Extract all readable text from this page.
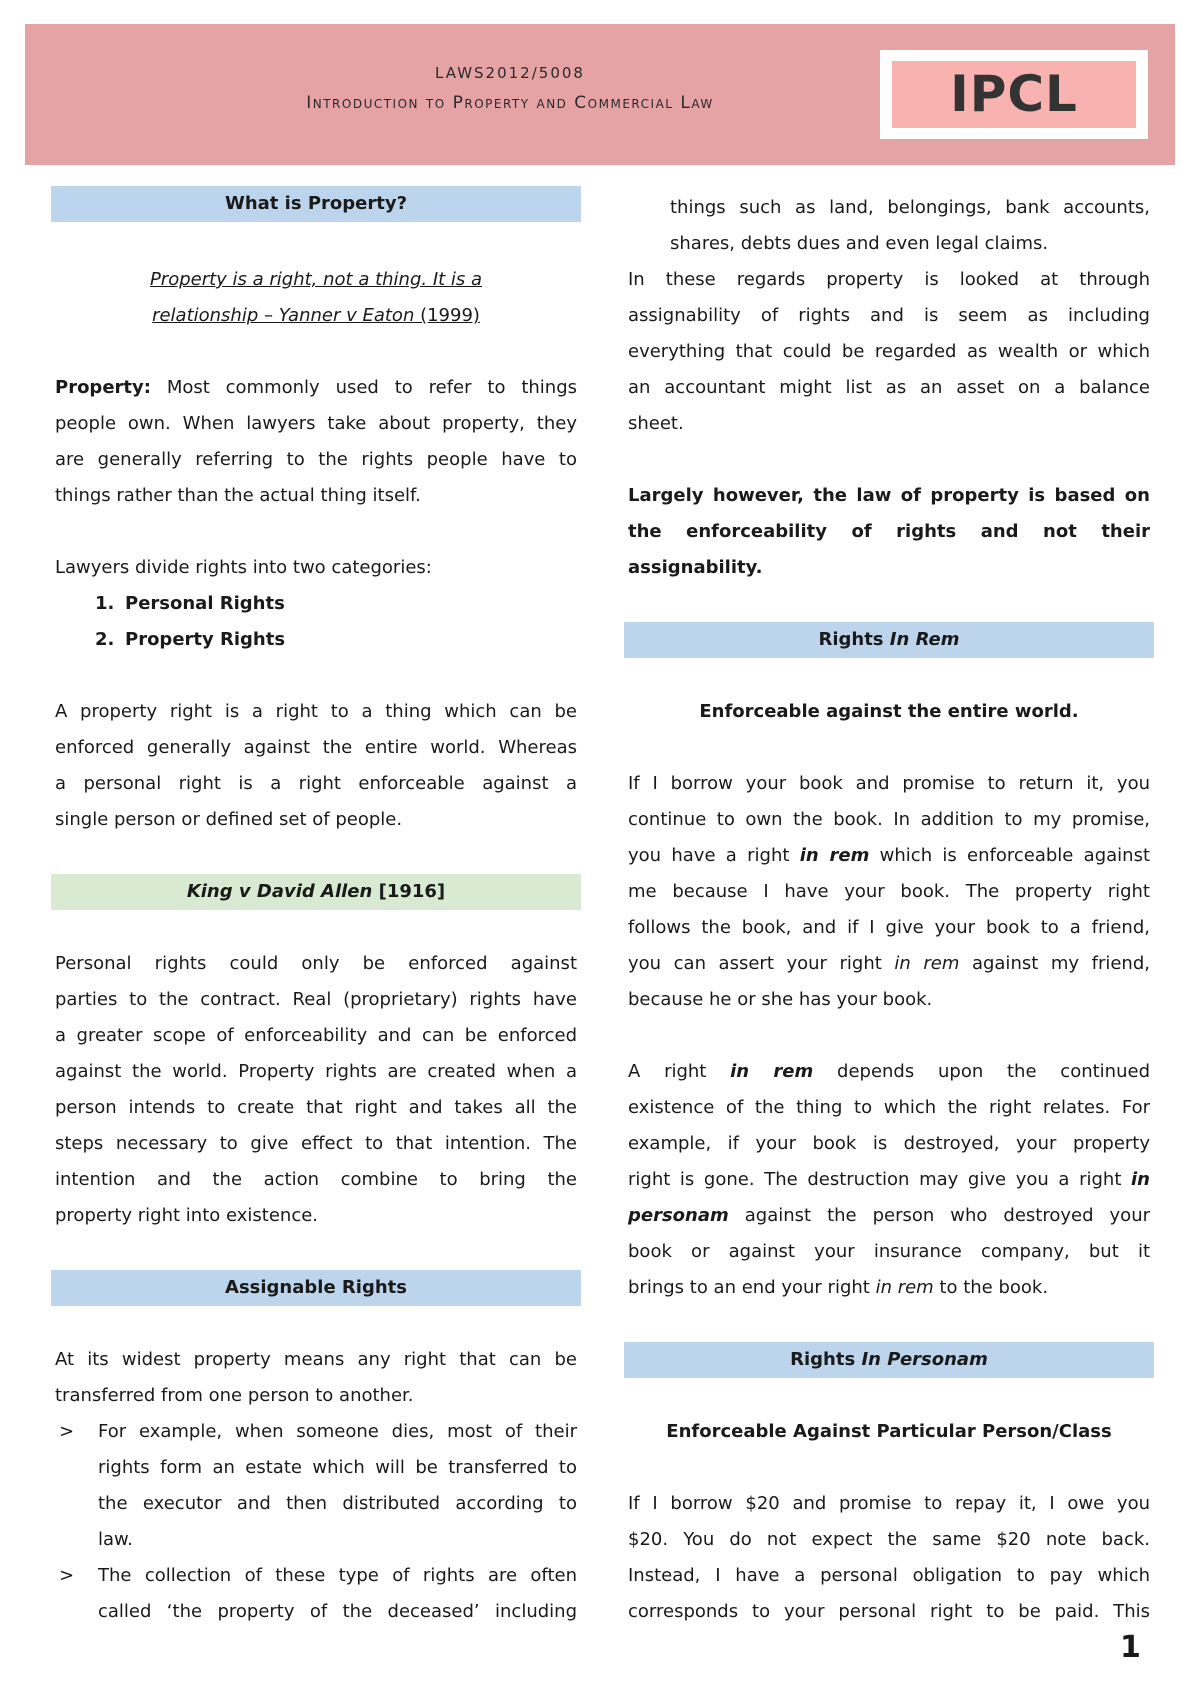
LAWS2012/5008
Introduction to Property and Commercial Law	IPCL
What is Property?
Property is a right, not a thing. It is a
relationship – Yanner v Eaton (1999)
Property: Most commonly used to refer to things
people own. When lawyers take about property, they
are generally referring to the rights people have to
things rather than the actual thing itself.
Lawyers divide rights into two categories:
1. Personal Rights
2. Property Rights
A property right is a right to a thing which can be
enforced generally against the entire world. Whereas
a personal right is a right enforceable against a
single person or defined set of people.
King v David Allen [1916]
Personal rights could only be enforced against
parties to the contract. Real (proprietary) rights have
a greater scope of enforceability and can be enforced
against the world. Property rights are created when a
person intends to create that right and takes all the
steps necessary to give effect to that intention. The
intention and the action combine to bring the
property right into existence.
Assignable Rights
At its widest property means any right that can be
transferred from one person to another.
> For example, when someone dies, most of their
rights form an estate which will be transferred to
the executor and then distributed according to
law.
> The collection of these type of rights are often
called ‘the property of the deceased’ including
things such as land, belongings, bank accounts,
shares, debts dues and even legal claims.
In these regards property is looked at through
assignability of rights and is seem as including
everything that could be regarded as wealth or which
an accountant might list as an asset on a balance
sheet.
Largely however, the law of property is based on
the enforceability of rights and not their
assignability.
Rights In Rem
Enforceable against the entire world.
If I borrow your book and promise to return it, you
continue to own the book. In addition to my promise,
you have a right in rem which is enforceable against
me because I have your book. The property right
follows the book, and if I give your book to a friend,
you can assert your right in rem against my friend,
because he or she has your book.
A right in rem depends upon the continued
existence of the thing to which the right relates. For
example, if your book is destroyed, your property
right is gone. The destruction may give you a right in
personam against the person who destroyed your
book or against your insurance company, but it
brings to an end your right in rem to the book.
Rights In Personam
Enforceable Against Particular Person/Class
If I borrow $20 and promise to repay it, I owe you
$20. You do not expect the same $20 note back.
Instead, I have a personal obligation to pay which
corresponds to your personal right to be paid. This
1
